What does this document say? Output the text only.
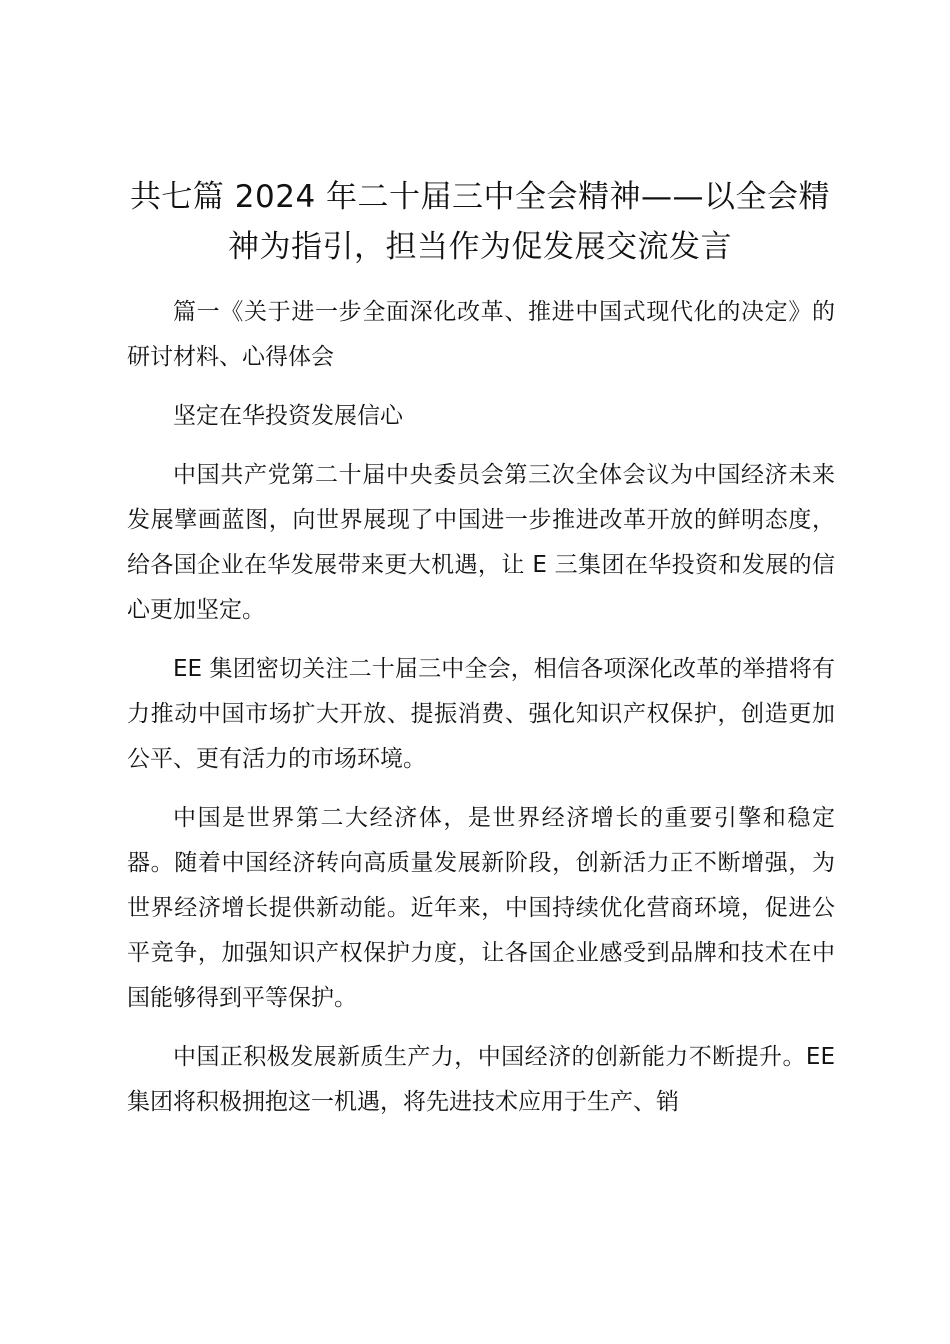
共七篇 2024 年二十届三中全会精神——以全会精神为指引，担当作为促发展交流发言

篇一《关于进一步全面深化改革、推进中国式现代化的决定》的研讨材料、心得体会

坚定在华投资发展信心

中国共产党第二十届中央委员会第三次全体会议为中国经济未来发展擘画蓝图，向世界展现了中国进一步推进改革开放的鲜明态度，给各国企业在华发展带来更大机遇，让 E 三集团在华投资和发展的信心更加坚定。

EE 集团密切关注二十届三中全会，相信各项深化改革的举措将有力推动中国市场扩大开放、提振消费、强化知识产权保护，创造更加公平、更有活力的市场环境。

中国是世界第二大经济体，是世界经济增长的重要引擎和稳定器。随着中国经济转向高质量发展新阶段，创新活力正不断增强，为世界经济增长提供新动能。近年来，中国持续优化营商环境，促进公平竞争，加强知识产权保护力度，让各国企业感受到品牌和技术在中国能够得到平等保护。

中国正积极发展新质生产力，中国经济的创新能力不断提升。EE 集团将积极拥抱这一机遇，将先进技术应用于生产、销
